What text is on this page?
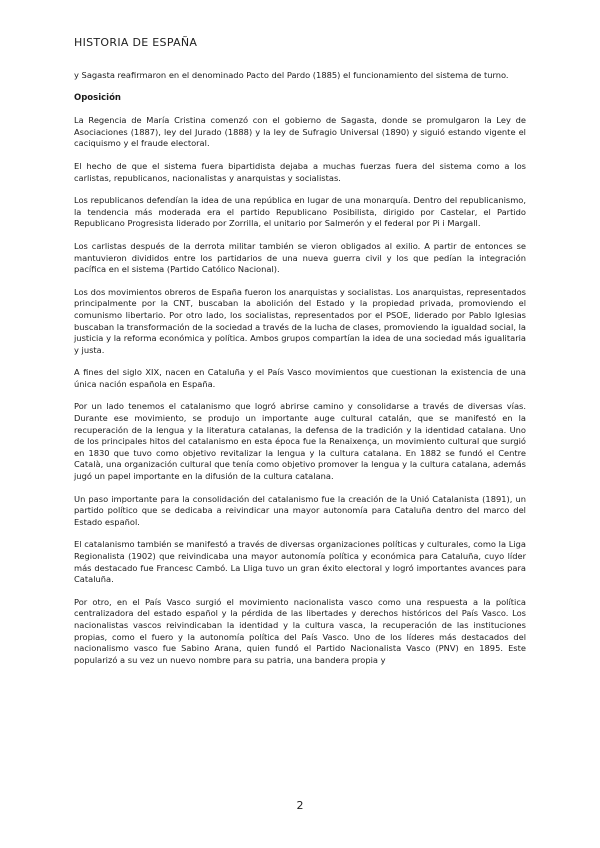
HISTORIA DE ESPAÑA

y Sagasta reafirmaron en el denominado Pacto del Pardo (1885) el funcionamiento del sistema de turno.

Oposición

La Regencia de María Cristina comenzó con el gobierno de Sagasta, donde se promulgaron la Ley de Asociaciones (1887), ley del Jurado (1888) y la ley de Sufragio Universal (1890) y siguió estando vigente el caciquismo y el fraude electoral.

El hecho de que el sistema fuera bipartidista dejaba a muchas fuerzas fuera del sistema como a los carlistas, republicanos, nacionalistas y anarquistas y socialistas.

Los republicanos defendían la idea de una república en lugar de una monarquía. Dentro del republicanismo, la tendencia más moderada era el partido Republicano Posibilista, dirigido por Castelar, el Partido Republicano Progresista liderado por Zorrilla, el unitario por Salmerón y el federal por Pi i Margall.

Los carlistas después de la derrota militar también se vieron obligados al exilio. A partir de entonces se mantuvieron divididos entre los partidarios de una nueva guerra civil y los que pedían la integración pacífica en el sistema (Partido Católico Nacional).

Los dos movimientos obreros de España fueron los anarquistas y socialistas. Los anarquistas, representados principalmente por la CNT, buscaban la abolición del Estado y la propiedad privada, promoviendo el comunismo libertario. Por otro lado, los socialistas, representados por el PSOE, liderado por Pablo Iglesias buscaban la transformación de la sociedad a través de la lucha de clases, promoviendo la igualdad social, la justicia y la reforma económica y política. Ambos grupos compartían la idea de una sociedad más igualitaria y justa.

A fines del siglo XIX, nacen en Cataluña y el País Vasco movimientos que cuestionan la existencia de una única nación española en España.

Por un lado tenemos el catalanismo que logró abrirse camino y consolidarse a través de diversas vías. Durante ese movimiento, se produjo un importante auge cultural catalán, que se manifestó en la recuperación de la lengua y la literatura catalanas, la defensa de la tradición y la identidad catalana. Uno de los principales hitos del catalanismo en esta época fue la Renaixença, un movimiento cultural que surgió en 1830 que tuvo como objetivo revitalizar la lengua y la cultura catalana. En 1882 se fundó el Centre Català, una organización cultural que tenía como objetivo promover la lengua y la cultura catalana, además jugó un papel importante en la difusión de la cultura catalana.

Un paso importante para la consolidación del catalanismo fue la creación de la Unió Catalanista (1891), un partido político que se dedicaba a reivindicar una mayor autonomía para Cataluña dentro del marco del Estado español.

El catalanismo también se manifestó a través de diversas organizaciones políticas y culturales, como la Liga Regionalista (1902) que reivindicaba una mayor autonomía política y económica para Cataluña, cuyo líder más destacado fue Francesc Cambó. La Lliga tuvo un gran éxito electoral y logró importantes avances para Cataluña.

Por otro, en el País Vasco surgió el movimiento nacionalista vasco como una respuesta a la política centralizadora del estado español y la pérdida de las libertades y derechos históricos del País Vasco. Los nacionalistas vascos reivindicaban la identidad y la cultura vasca, la recuperación de las instituciones propias, como el fuero y la autonomía política del País Vasco. Uno de los líderes más destacados del nacionalismo vasco fue Sabino Arana, quien fundó el Partido Nacionalista Vasco (PNV) en 1895. Este popularizó a su vez un nuevo nombre para su patria, una bandera propia y

2
